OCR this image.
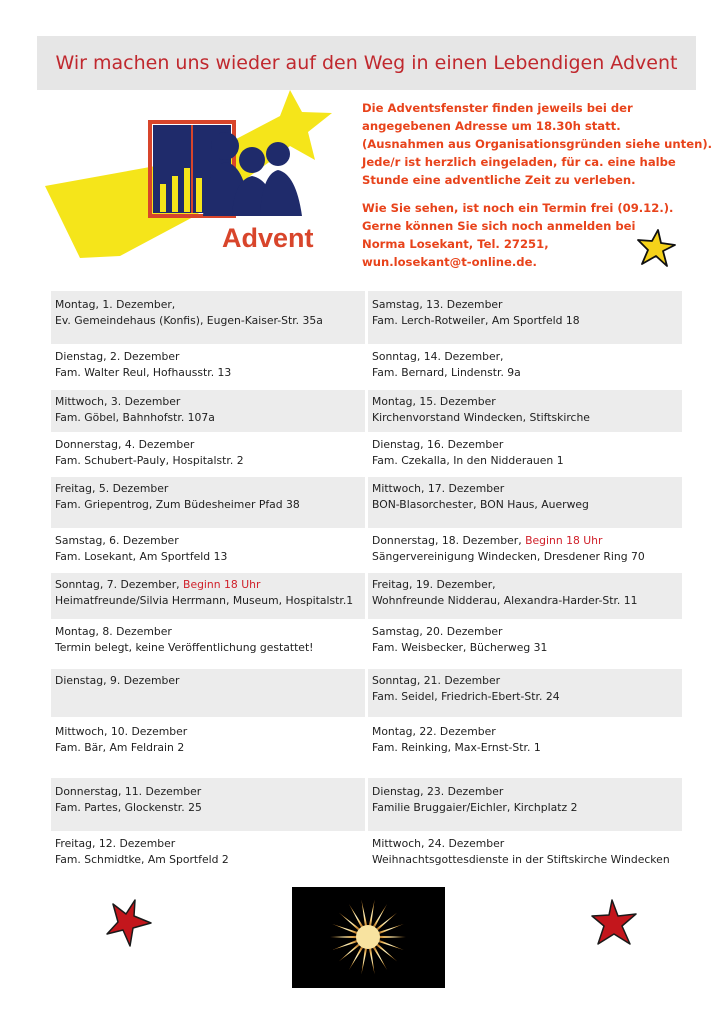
Wir machen uns wieder auf den Weg in einen Lebendigen Advent
Advent

Die Adventsfenster finden jeweils bei der
angegebenen Adresse um 18.30h statt.
(Ausnahmen aus Organisationsgründen siehe unten).
Jede/r ist herzlich eingeladen, für ca. eine halbe
Stunde eine adventliche Zeit zu verleben.

Wie Sie sehen, ist noch ein Termin frei (09.12.).
Gerne können Sie sich noch anmelden bei
Norma Losekant, Tel. 27251,
wun.losekant@t-online.de.

Montag, 1. Dezember,
Ev. Gemeindehaus (Konfis), Eugen-Kaiser-Str. 35a
Samstag, 13. Dezember
Fam. Lerch-Rotweiler, Am Sportfeld 18
Dienstag, 2. Dezember
Fam. Walter Reul, Hofhausstr. 13
Sonntag, 14. Dezember,
Fam. Bernard, Lindenstr. 9a
Mittwoch, 3. Dezember
Fam. Göbel, Bahnhofstr. 107a
Montag, 15. Dezember
Kirchenvorstand Windecken, Stiftskirche
Donnerstag, 4. Dezember
Fam. Schubert-Pauly, Hospitalstr. 2
Dienstag, 16. Dezember
Fam. Czekalla, In den Nidderauen 1
Freitag, 5. Dezember
Fam. Griepentrog, Zum Büdesheimer Pfad 38
Mittwoch, 17. Dezember
BON-Blasorchester, BON Haus, Auerweg
Samstag, 6. Dezember
Fam. Losekant, Am Sportfeld 13
Donnerstag, 18. Dezember, Beginn 18 Uhr
Sängervereinigung Windecken, Dresdener Ring 70
Sonntag, 7. Dezember, Beginn 18 Uhr
Heimatfreunde/Silvia Herrmann, Museum, Hospitalstr.1
Freitag, 19. Dezember,
Wohnfreunde Nidderau, Alexandra-Harder-Str. 11
Montag, 8. Dezember
Termin belegt, keine Veröffentlichung gestattet!
Samstag, 20. Dezember
Fam. Weisbecker, Bücherweg 31
Dienstag, 9. Dezember	Sonntag, 21. Dezember
Fam. Seidel, Friedrich-Ebert-Str. 24
Mittwoch, 10. Dezember
Fam. Bär, Am Feldrain 2
Montag, 22. Dezember
Fam. Reinking, Max-Ernst-Str. 1
Donnerstag, 11. Dezember
Fam. Partes, Glockenstr. 25
Dienstag, 23. Dezember
Familie Bruggaier/Eichler, Kirchplatz 2
Freitag, 12. Dezember
Fam. Schmidtke, Am Sportfeld 2
Mittwoch, 24. Dezember
Weihnachtsgottesdienste in der Stiftskirche Windecken
